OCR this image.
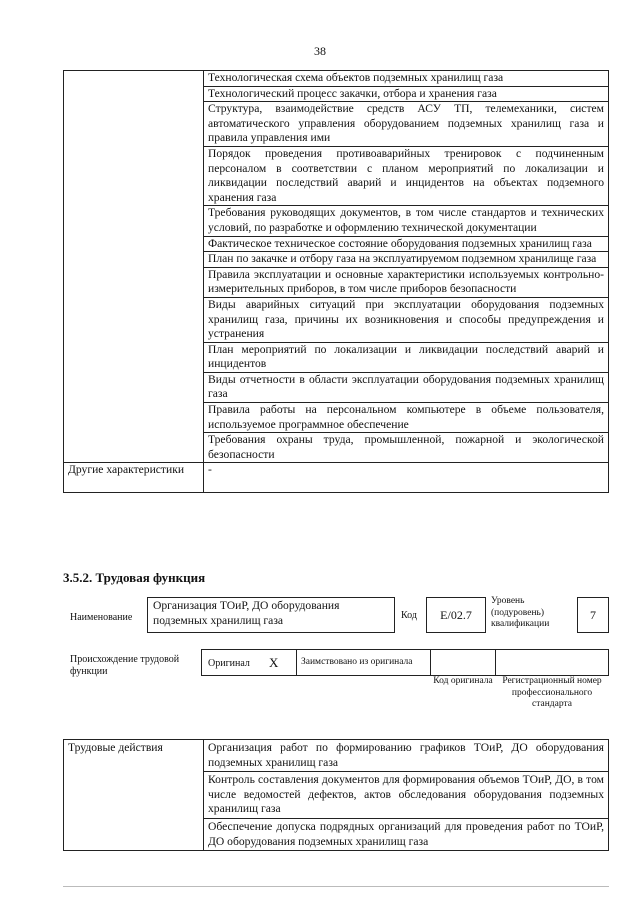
38
	Технологическая схема объектов подземных хранилищ газа
	Технологический процесс закачки, отбора и хранения газа
	Структура, взаимодействие средств АСУ ТП, телемеханики, систем автоматического управления оборудованием подземных хранилищ газа и правила управления ими
	Порядок проведения противоаварийных тренировок с подчиненным персоналом в соответствии с планом мероприятий по локализации и ликвидации последствий аварий и инцидентов на объектах подземного хранения газа
	Требования руководящих документов, в том числе стандартов и технических условий, по разработке и оформлению технической документации
	Фактическое техническое состояние оборудования подземных хранилищ газа
	План по закачке и отбору газа на эксплуатируемом подземном хранилище газа
	Правила эксплуатации и основные характеристики используемых контрольно-измерительных приборов, в том числе приборов безопасности
	Виды аварийных ситуаций при эксплуатации оборудования подземных хранилищ газа, причины их возникновения и способы предупреждения и устранения
	План мероприятий по локализации и ликвидации последствий аварий и инцидентов
	Виды отчетности в области эксплуатации оборудования подземных хранилищ газа
	Правила работы на персональном компьютере в объеме пользователя, используемое программное обеспечение
	Требования охраны труда, промышленной, пожарной и экологической безопасности
Другие характеристики	-
3.5.2. Трудовая функция
Наименование
Организация ТОиР, ДО оборудования подземных хранилищ газа	Код	E/02.7
Уровень (подуровень) квалификации
7
Происхождение трудовой функции
Оригинал X	Заимствовано из оригинала
Код оригинала	Регистрационный номер профессионального стандарта
Трудовые действия	Организация работ по формированию графиков ТОиР, ДО оборудования подземных хранилищ газа
Контроль составления документов для формирования объемов ТОиР, ДО, в том числе ведомостей дефектов, актов обследования оборудования подземных хранилищ газа
Обеспечение допуска подрядных организаций для проведения работ по ТОиР, ДО оборудования подземных хранилищ газа
